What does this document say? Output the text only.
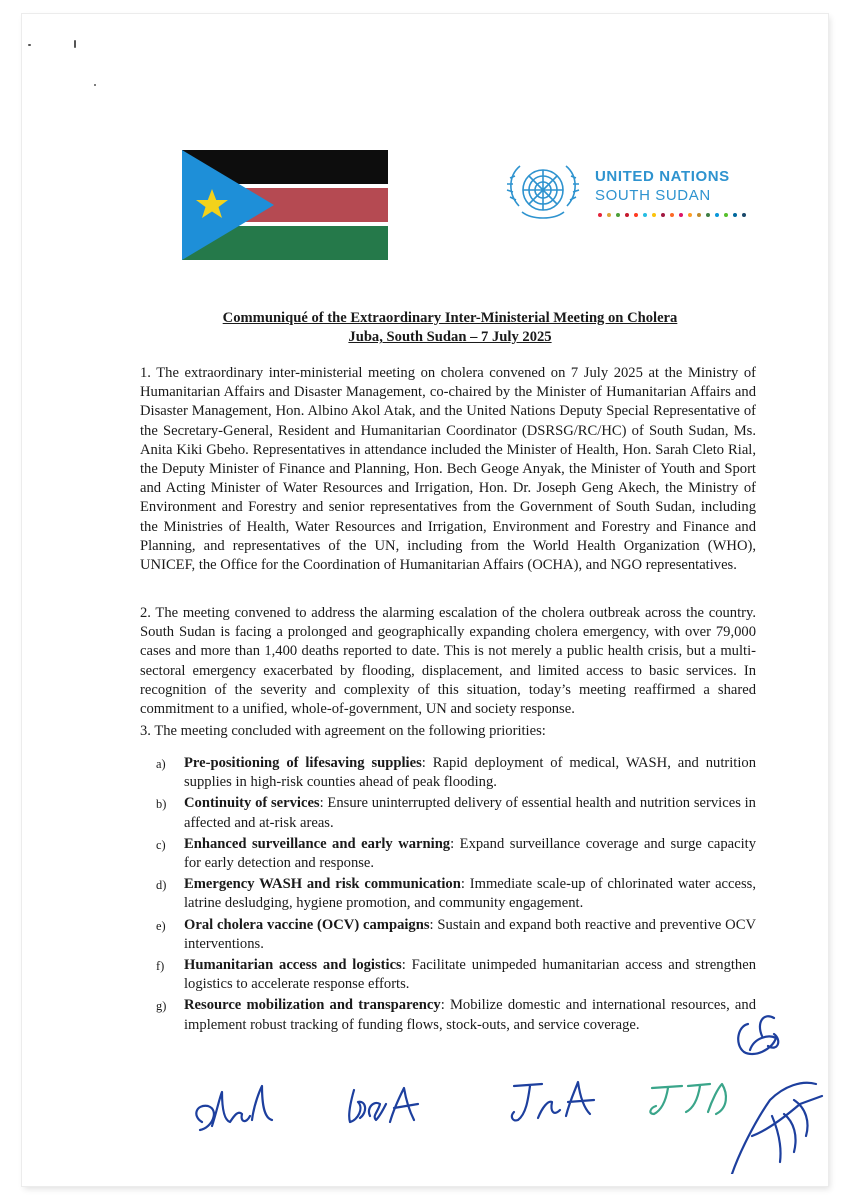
UNITED NATIONS
SOUTH SUDAN
Communiqué of the Extraordinary Inter-Ministerial Meeting on Cholera
Juba, South Sudan – 7 July 2025

1. The extraordinary inter-ministerial meeting on cholera convened on 7 July 2025 at the Ministry of Humanitarian Affairs and Disaster Management, co-chaired by the Minister of Humanitarian Affairs and Disaster Management, Hon. Albino Akol Atak, and the United Nations Deputy Special Representative of the Secretary-General, Resident and Humanitarian Coordinator (DSRSG/RC/HC) of South Sudan, Ms. Anita Kiki Gbeho. Representatives in attendance included the Minister of Health, Hon. Sarah Cleto Rial, the Deputy Minister of Finance and Planning, Hon. Bech Geoge Anyak, the Minister of Youth and Sport and Acting Minister of Water Resources and Irrigation, Hon. Dr. Joseph Geng Akech, the Ministry of Environment and Forestry and senior representatives from the Government of South Sudan, including the Ministries of Health, Water Resources and Irrigation, Environment and Forestry and Finance and Planning, and representatives of the UN, including from the World Health Organization (WHO), UNICEF, the Office for the Coordination of Humanitarian Affairs (OCHA), and NGO representatives.

2. The meeting convened to address the alarming escalation of the cholera outbreak across the country. South Sudan is facing a prolonged and geographically expanding cholera emergency, with over 79,000 cases and more than 1,400 deaths reported to date. This is not merely a public health crisis, but a multi-sectoral emergency exacerbated by flooding, displacement, and limited access to basic services. In recognition of the severity and complexity of this situation, today’s meeting reaffirmed a shared commitment to a unified, whole-of-government, UN and society response.

3. The meeting concluded with agreement on the following priorities:

a) Pre-positioning of lifesaving supplies: Rapid deployment of medical, WASH, and nutrition supplies in high-risk counties ahead of peak flooding.
b) Continuity of services: Ensure uninterrupted delivery of essential health and nutrition services in affected and at-risk areas.
c) Enhanced surveillance and early warning: Expand surveillance coverage and surge capacity for early detection and response.
d) Emergency WASH and risk communication: Immediate scale-up of chlorinated water access, latrine desludging, hygiene promotion, and community engagement.
e) Oral cholera vaccine (OCV) campaigns: Sustain and expand both reactive and preventive OCV interventions.
f) Humanitarian access and logistics: Facilitate unimpeded humanitarian access and strengthen logistics to accelerate response efforts.
g) Resource mobilization and transparency: Mobilize domestic and international resources, and implement robust tracking of funding flows, stock-outs, and service coverage.
